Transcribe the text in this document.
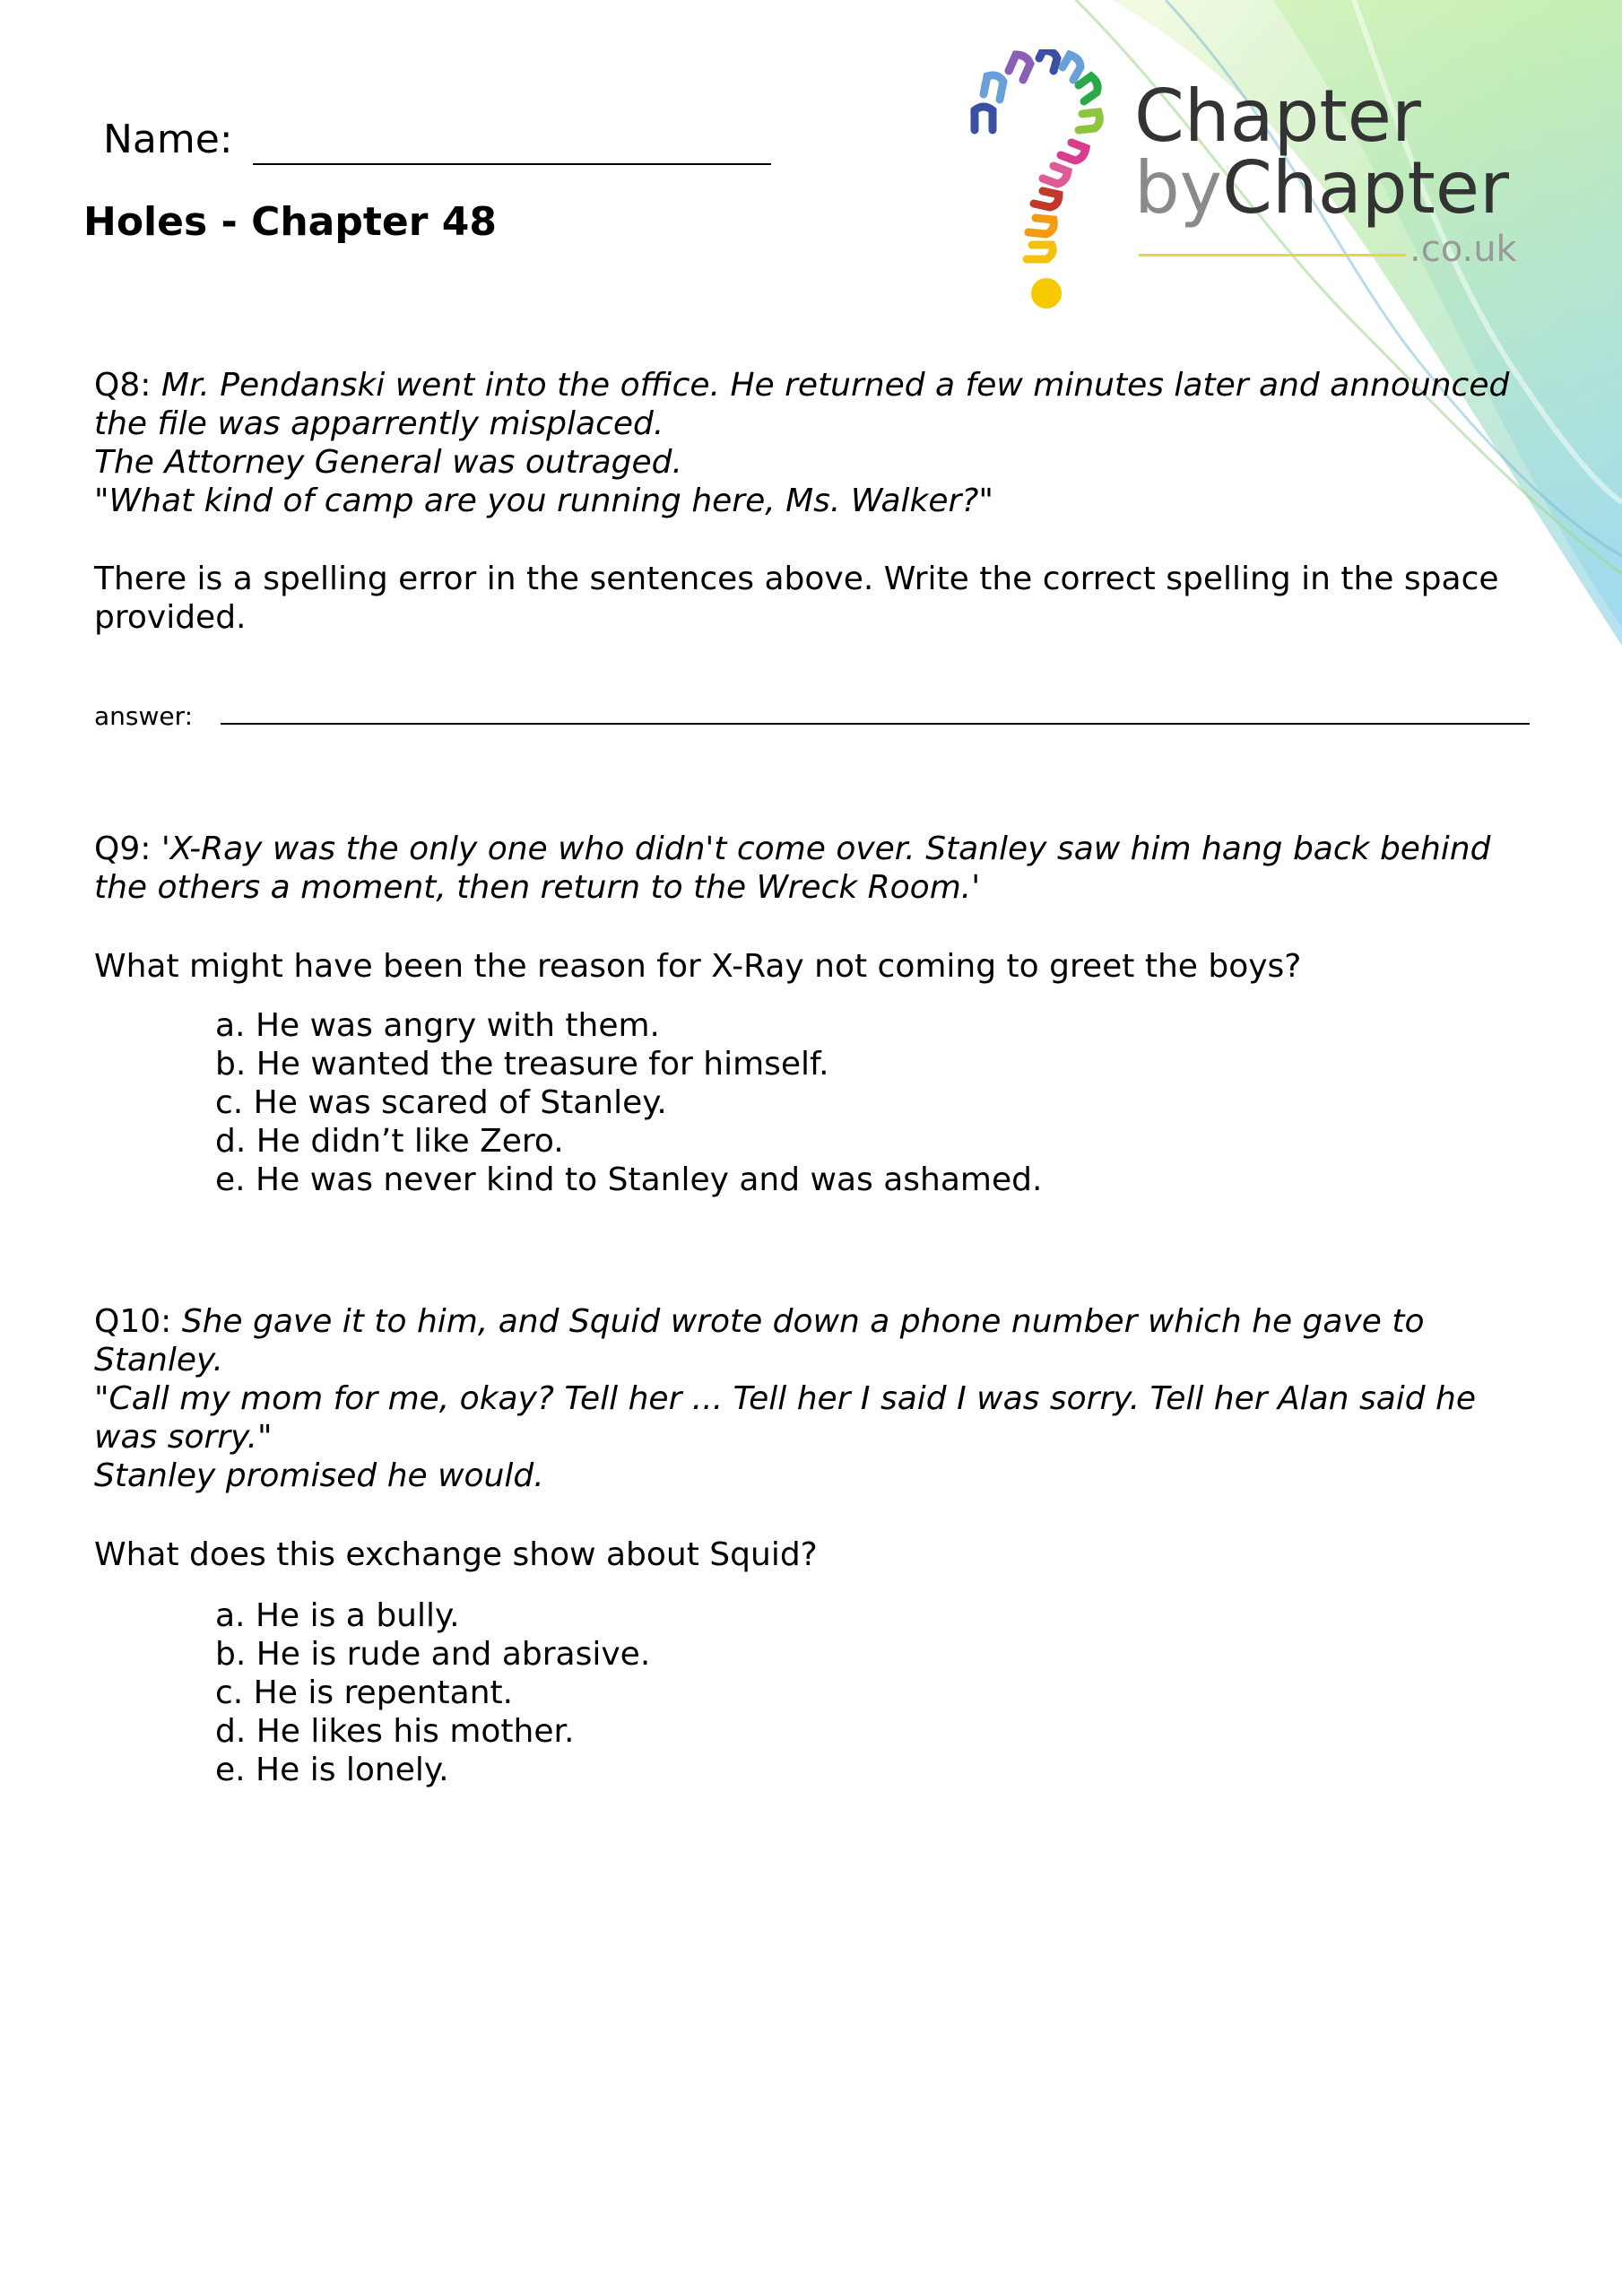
Name:
Holes - Chapter 48
Chapter
byChapter
.co.uk
Q8: Mr. Pendanski went into the office. He returned a few minutes later and announced
the file was apparrently misplaced.
The Attorney General was outraged.
"What kind of camp are you running here, Ms. Walker?"
There is a spelling error in the sentences above. Write the correct spelling in the space provided.
answer:
Q9: 'X-Ray was the only one who didn't come over. Stanley saw him hang back behind
the others a moment, then return to the Wreck Room.'
What might have been the reason for X-Ray not coming to greet the boys?
a. He was angry with them.
b. He wanted the treasure for himself.
c. He was scared of Stanley.
d. He didn’t like Zero.
e. He was never kind to Stanley and was ashamed.
Q10: She gave it to him, and Squid wrote down a phone number which he gave to
Stanley.
"Call my mom for me, okay? Tell her ... Tell her I said I was sorry. Tell her Alan said he
was sorry."
Stanley promised he would.
What does this exchange show about Squid?
a. He is a bully.
b. He is rude and abrasive.
c. He is repentant.
d. He likes his mother.
e. He is lonely.
